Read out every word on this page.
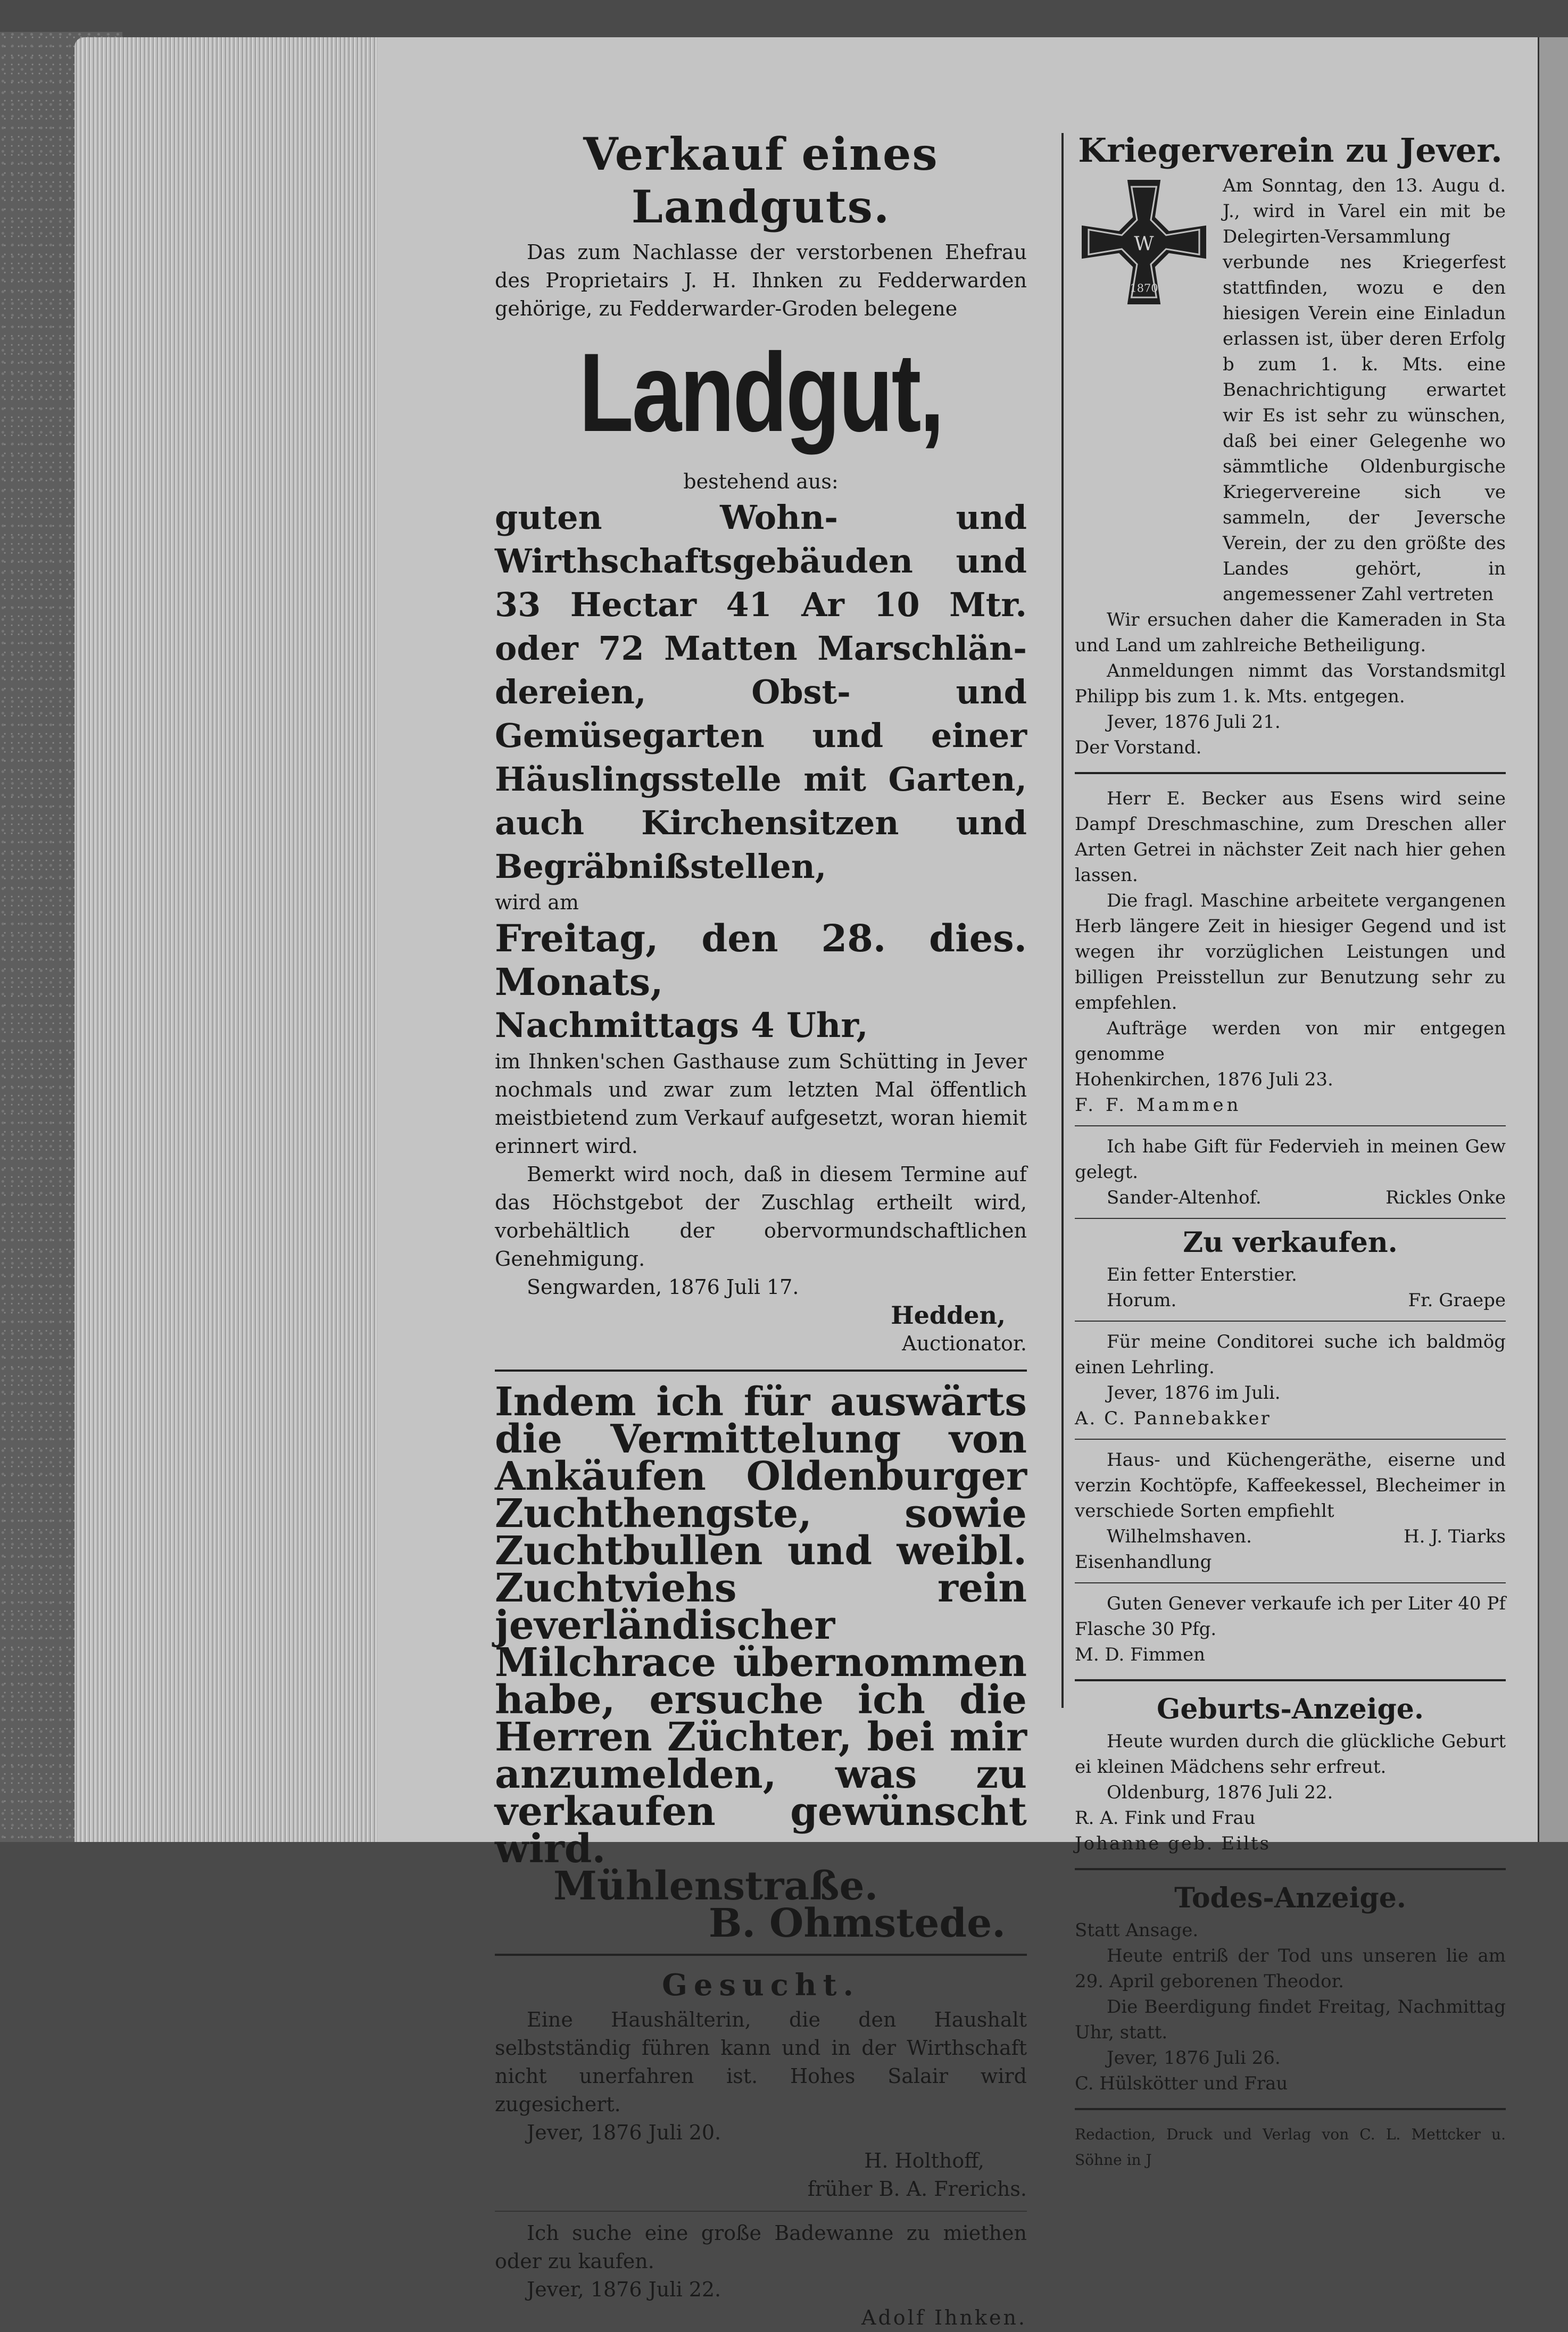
Verkauf eines Landguts.
Das zum Nachlasse der verstorbenen Ehefrau des Proprietairs J. H. Ihnken zu Fedderwarden gehörige, zu Fedderwarder-Groden belegene
Landgut,
bestehend aus:
guten Wohn- und Wirthschaftsgebäuden und 33 Hectar 41 Ar 10 Mtr. oder 72 Matten Marschländereien, Obst- und Gemüsegarten und einer Häuslingsstelle mit Garten, auch Kirchensitzen und Begräbnißstellen,
wird am
Freitag, den 28. dies. Monats,
Nachmittags 4 Uhr,
im Ihnken'schen Gasthause zum Schütting in Jever nochmals und zwar zum letzten Mal öffentlich meistbietend zum Verkauf aufgesetzt, woran hiemit erinnert wird.
Bemerkt wird noch, daß in diesem Termine auf das Höchstgebot der Zuschlag ertheilt wird, vorbehältlich der obervormundschaftlichen Genehmigung.
Sengwarden, 1876 Juli 17.
Hedden,
Auctionator.
Indem ich für auswärts die Vermittelung von Ankäufen Oldenburger Zuchthengste, sowie Zuchtbullen und weibl. Zuchtviehs rein jeverländischer Milchrace übernommen habe, ersuche ich die Herren Züchter, bei mir anzumelden, was zu verkaufen gewünscht wird.
Mühlenstraße.
B. Ohmstede.
Gesucht.
Eine Haushälterin, die den Haushalt selbstständig führen kann und in der Wirthschaft nicht unerfahren ist. Hohes Salair wird zugesichert.
Jever, 1876 Juli 20.
H. Holthoff,
früher B. A. Frerichs.
Ich suche eine große Badewanne zu miethen oder zu kaufen.
Jever, 1876 Juli 22.
Adolf Ihnken.
Kriegerverein zu Jever.
W
1870
Am Sonntag, den 13. Augu d. J., wird in Varel ein mit be Delegirten-Versammlung verbunde nes Kriegerfest stattfinden, wozu e den hiesigen Verein eine Einladun erlassen ist, über deren Erfolg b zum 1. k. Mts. eine Benachrichtigung erwartet wir Es ist sehr zu wünschen, daß bei einer Gelegenhe wo sämmtliche Oldenburgische Kriegervereine sich ve sammeln, der Jeversche Verein, der zu den größte des Landes gehört, in angemessener Zahl vertreten
Wir ersuchen daher die Kameraden in Sta und Land um zahlreiche Betheiligung.
Anmeldungen nimmt das Vorstandsmitgl Philipp bis zum 1. k. Mts. entgegen.
Jever, 1876 Juli 21.
Der Vorstand.
Herr E. Becker aus Esens wird seine Dampf Dreschmaschine, zum Dreschen aller Arten Getrei in nächster Zeit nach hier gehen lassen.
Die fragl. Maschine arbeitete vergangenen Herb längere Zeit in hiesiger Gegend und ist wegen ihr vorzüglichen Leistungen und billigen Preisstellun zur Benutzung sehr zu empfehlen.
Aufträge werden von mir entgegen genomme
Hohenkirchen, 1876 Juli 23.
F. F. Mammen
Ich habe Gift für Federvieh in meinen Gew gelegt.
Sander-Altenhof.	Rickles Onke
Zu verkaufen.
Ein fetter Enterstier.
Horum.	Fr. Graepe
Für meine Conditorei suche ich baldmög einen Lehrling.
Jever, 1876 im Juli.
A. C. Pannebakker
Haus- und Küchengeräthe, eiserne und verzin Kochtöpfe, Kaffeekessel, Blecheimer in verschiede Sorten empfiehlt
Wilhelmshaven.	H. J. Tiarks
Eisenhandlung
Guten Genever verkaufe ich per Liter 40 Pf Flasche 30 Pfg.
M. D. Fimmen
Geburts-Anzeige.
Heute wurden durch die glückliche Geburt ei kleinen Mädchens sehr erfreut.
Oldenburg, 1876 Juli 22.
R. A. Fink und Frau
Johanne geb. Eilts
Todes-Anzeige.
Statt Ansage.
Heute entriß der Tod uns unseren lie am 29. April geborenen Theodor.
Die Beerdigung findet Freitag, Nachmittag Uhr, statt.
Jever, 1876 Juli 26.
C. Hülskötter und Frau
Redaction, Druck und Verlag von C. L. Mettcker u. Söhne in J
